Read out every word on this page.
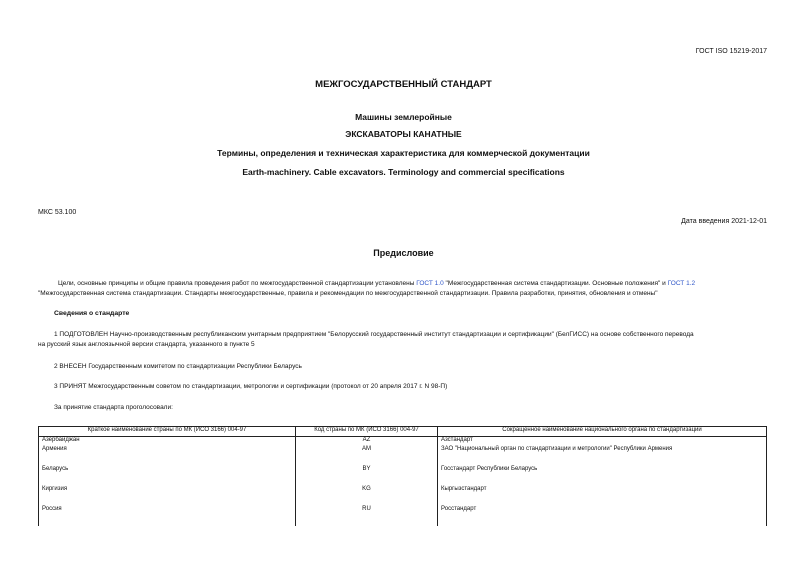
ГОСТ ISO 15219-2017
МЕЖГОСУДАРСТВЕННЫЙ СТАНДАРТ
Машины землеройные
ЭКСКАВАТОРЫ КАНАТНЫЕ
Термины, определения и техническая характеристика для коммерческой документации
Earth-machinery. Cable excavators. Terminology and commercial specifications
МКС 53.100
Дата введения 2021-12-01
Предисловие
Цели, основные принципы и общие правила проведения работ по межгосударственной стандартизации установлены ГОСТ 1.0 "Межгосударственная система стандартизации. Основные положения" и ГОСТ 1.2
"Межгосударственная система стандартизации. Стандарты межгосударственные, правила и рекомендации по межгосударственной стандартизации. Правила разработки, принятия, обновления и отмены"
Сведения о стандарте
1 ПОДГОТОВЛЕН Научно-производственным республиканским унитарным предприятием "Белорусский государственный институт стандартизации и сертификации" (БелГИСС) на основе собственного перевода
на русский язык англоязычной версии стандарта, указанного в пункте 5
2 ВНЕСЕН Государственным комитетом по стандартизации Республики Беларусь
3 ПРИНЯТ Межгосударственным советом по стандартизации, метрологии и сертификации (протокол от 20 апреля 2017 г. N 98-П)
За принятие стандарта проголосовали:
Краткое наименование страны по МК (ИСО 3166) 004-97	Код страны по МК (ИСО 3166) 004-97	Сокращенное наименование национального органа по стандартизации
Азербайджан	AZ	Азстандарт
Армения	AM	ЗАО "Национальный орган по стандартизации и метрологии" Республики Армения
Беларусь	BY	Госстандарт Республики Беларусь
Киргизия	KG	Кыргызстандарт
Россия	RU	Росстандарт
